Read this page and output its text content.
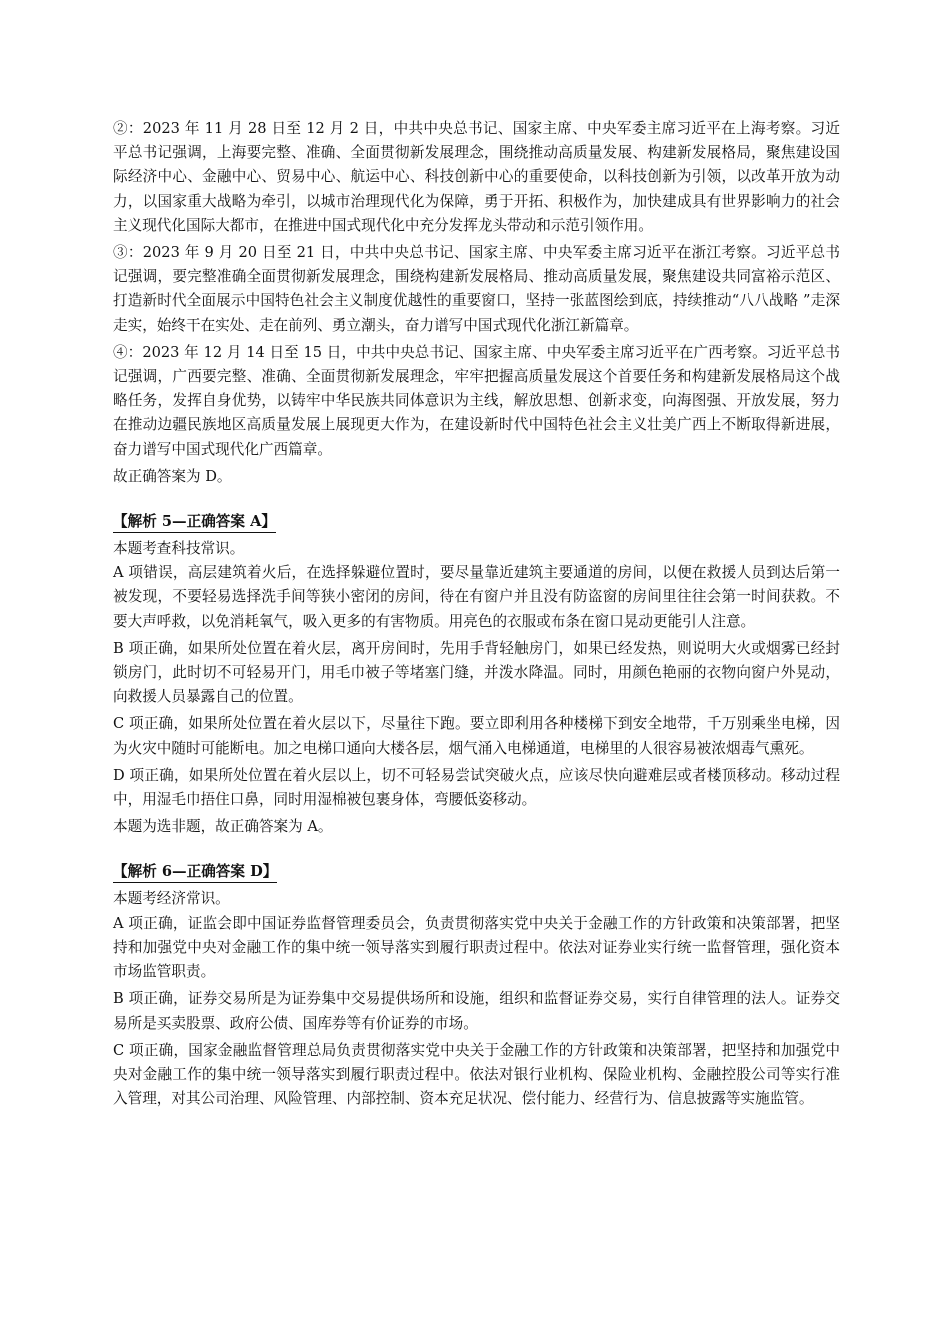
②：2023 年 11 月 28 日至 12 月 2 日，中共中央总书记、国家主席、中央军委主席习近平在上海考察。习近平总书记强调，上海要完整、准确、全面贯彻新发展理念，围绕推动高质量发展、构建新发展格局，聚焦建设国际经济中心、金融中心、贸易中心、航运中心、科技创新中心的重要使命，以科技创新为引领，以改革开放为动力，以国家重大战略为牵引，以城市治理现代化为保障，勇于开拓、积极作为，加快建成具有世界影响力的社会主义现代化国际大都市，在推进中国式现代化中充分发挥龙头带动和示范引领作用。

③：2023 年 9 月 20 日至 21 日，中共中央总书记、国家主席、中央军委主席习近平在浙江考察。习近平总书记强调，要完整准确全面贯彻新发展理念，围绕构建新发展格局、推动高质量发展，聚焦建设共同富裕示范区、打造新时代全面展示中国特色社会主义制度优越性的重要窗口，坚持一张蓝图绘到底，持续推动“八八战略 ”走深走实，始终干在实处、走在前列、勇立潮头，奋力谱写中国式现代化浙江新篇章。

④：2023 年 12 月 14 日至 15 日，中共中央总书记、国家主席、中央军委主席习近平在广西考察。习近平总书记强调，广西要完整、准确、全面贯彻新发展理念，牢牢把握高质量发展这个首要任务和构建新发展格局这个战略任务，发挥自身优势，以铸牢中华民族共同体意识为主线，解放思想、创新求变，向海图强、开放发展，努力在推动边疆民族地区高质量发展上展现更大作为，在建设新时代中国特色社会主义壮美广西上不断取得新进展，奋力谱写中国式现代化广西篇章。

故正确答案为 D。

【解析 5—正确答案 A】

本题考查科技常识。

A 项错误，高层建筑着火后，在选择躲避位置时，要尽量靠近建筑主要通道的房间，以便在救援人员到达后第一被发现，不要轻易选择洗手间等狭小密闭的房间，待在有窗户并且没有防盗窗的房间里往往会第一时间获救。不要大声呼救，以免消耗氧气，吸入更多的有害物质。用亮色的衣服或布条在窗口晃动更能引人注意。

B 项正确，如果所处位置在着火层，离开房间时，先用手背轻触房门，如果已经发热，则说明大火或烟雾已经封锁房门，此时切不可轻易开门，用毛巾被子等堵塞门缝，并泼水降温。同时，用颜色艳丽的衣物向窗户外晃动，向救援人员暴露自己的位置。

C 项正确，如果所处位置在着火层以下，尽量往下跑。要立即利用各种楼梯下到安全地带，千万别乘坐电梯，因为火灾中随时可能断电。加之电梯口通向大楼各层，烟气涌入电梯通道，电梯里的人很容易被浓烟毒气熏死。

D 项正确，如果所处位置在着火层以上，切不可轻易尝试突破火点，应该尽快向避难层或者楼顶移动。移动过程中，用湿毛巾捂住口鼻，同时用湿棉被包裹身体，弯腰低姿移动。

本题为选非题，故正确答案为 A。

【解析 6—正确答案 D】

本题考经济常识。

A 项正确，证监会即中国证券监督管理委员会，负责贯彻落实党中央关于金融工作的方针政策和决策部署，把坚持和加强党中央对金融工作的集中统一领导落实到履行职责过程中。依法对证券业实行统一监督管理，强化资本市场监管职责。

B 项正确，证券交易所是为证券集中交易提供场所和设施，组织和监督证券交易，实行自律管理的法人。证券交易所是买卖股票、政府公债、国库券等有价证券的市场。

C 项正确，国家金融监督管理总局负责贯彻落实党中央关于金融工作的方针政策和决策部署，把坚持和加强党中央对金融工作的集中统一领导落实到履行职责过程中。依法对银行业机构、保险业机构、金融控股公司等实行准入管理，对其公司治理、风险管理、内部控制、资本充足状况、偿付能力、经营行为、信息披露等实施监管。
